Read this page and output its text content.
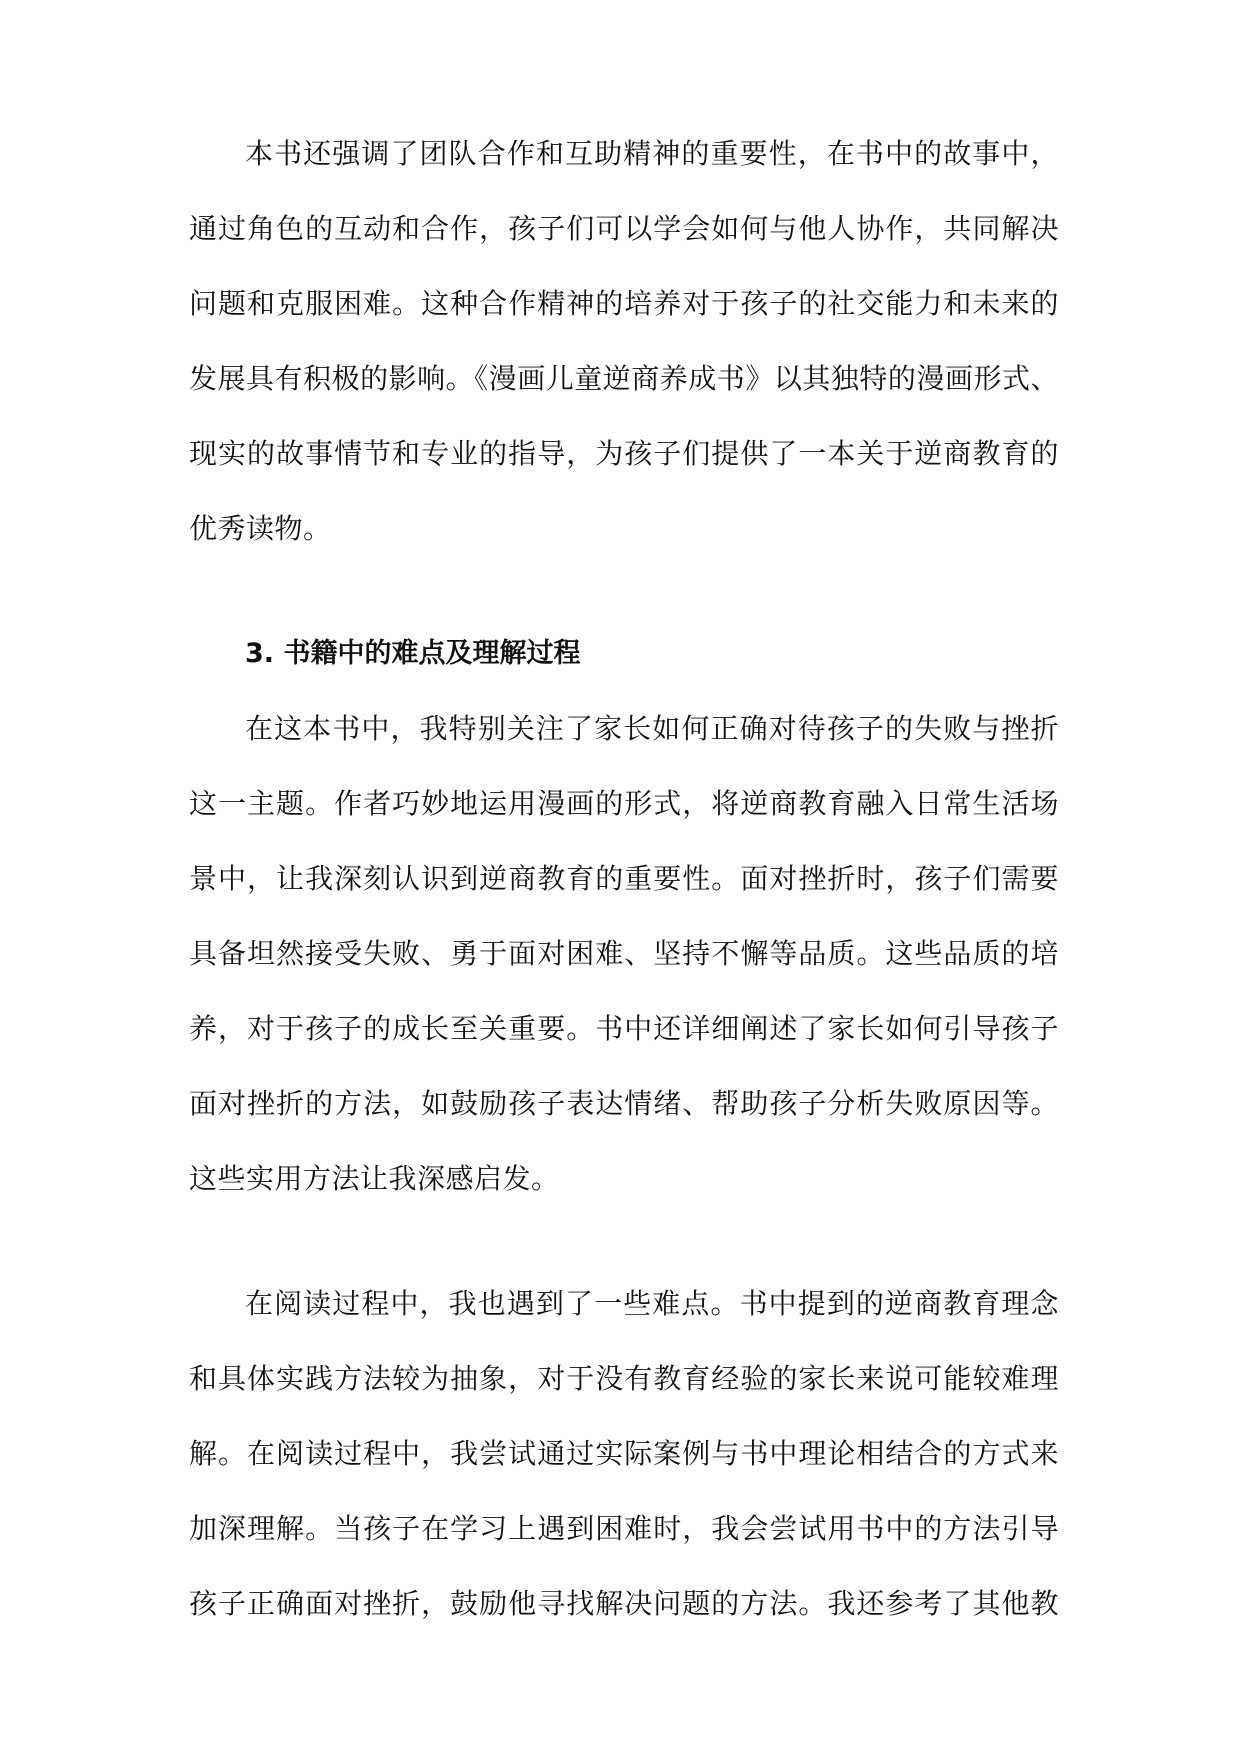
本书还强调了团队合作和互助精神的重要性，在书中的故事中，
通过角色的互动和合作，孩子们可以学会如何与他人协作，共同解决
问题和克服困难。这种合作精神的培养对于孩子的社交能力和未来的
发展具有积极的影响。《漫画儿童逆商养成书》以其独特的漫画形式、
现实的故事情节和专业的指导，为孩子们提供了一本关于逆商教育的
优秀读物。
3. 书籍中的难点及理解过程
在这本书中，我特别关注了家长如何正确对待孩子的失败与挫折
这一主题。作者巧妙地运用漫画的形式，将逆商教育融入日常生活场
景中，让我深刻认识到逆商教育的重要性。面对挫折时，孩子们需要
具备坦然接受失败、勇于面对困难、坚持不懈等品质。这些品质的培
养，对于孩子的成长至关重要。书中还详细阐述了家长如何引导孩子
面对挫折的方法，如鼓励孩子表达情绪、帮助孩子分析失败原因等。
这些实用方法让我深感启发。
在阅读过程中，我也遇到了一些难点。书中提到的逆商教育理念
和具体实践方法较为抽象，对于没有教育经验的家长来说可能较难理
解。在阅读过程中，我尝试通过实际案例与书中理论相结合的方式来
加深理解。当孩子在学习上遇到困难时，我会尝试用书中的方法引导
孩子正确面对挫折，鼓励他寻找解决问题的方法。我还参考了其他教
